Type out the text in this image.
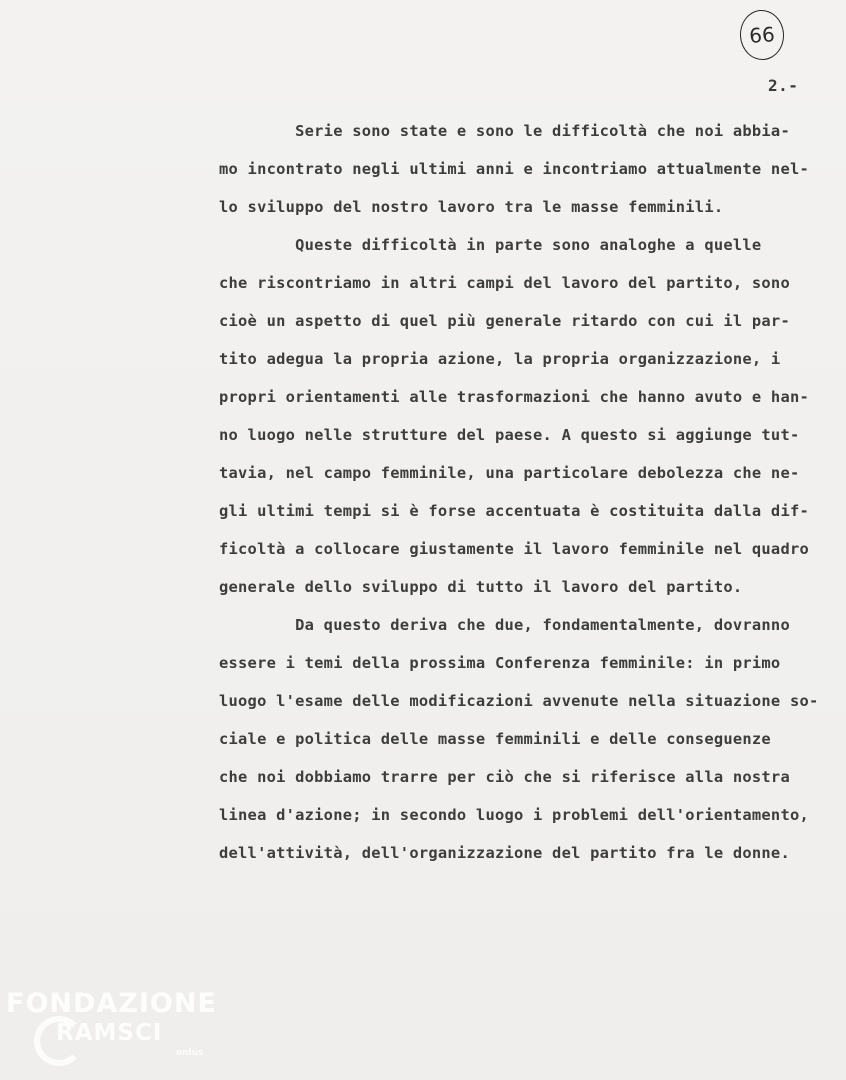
66
2.-
Serie sono state e sono le difficoltà che noi abbia-
mo incontrato negli ultimi anni e incontriamo attualmente nel-
lo sviluppo del nostro lavoro tra le masse femminili.
Queste difficoltà in parte sono analoghe a quelle
che riscontriamo in altri campi del lavoro del partito, sono
cioè un aspetto di quel più generale ritardo con cui il par-
tito adegua la propria azione, la propria organizzazione, i
propri orientamenti alle trasformazioni che hanno avuto e han-
no luogo nelle strutture del paese. A questo si aggiunge tut-
tavia, nel campo femminile, una particolare debolezza che ne-
gli ultimi tempi si è forse accentuata è costituita dalla dif-
ficoltà a collocare giustamente il lavoro femminile nel quadro
generale dello sviluppo di tutto il lavoro del partito.
Da questo deriva che due, fondamentalmente, dovranno
essere i temi della prossima Conferenza femminile: in primo
luogo l'esame delle modificazioni avvenute nella situazione so-
ciale e politica delle masse femminili e delle conseguenze
che noi dobbiamo trarre per ciò che si riferisce alla nostra
linea d'azione; in secondo luogo i problemi dell'orientamento,
dell'attività, dell'organizzazione del partito fra le donne.
FONDAZIONE
RAMSCI
onlus
